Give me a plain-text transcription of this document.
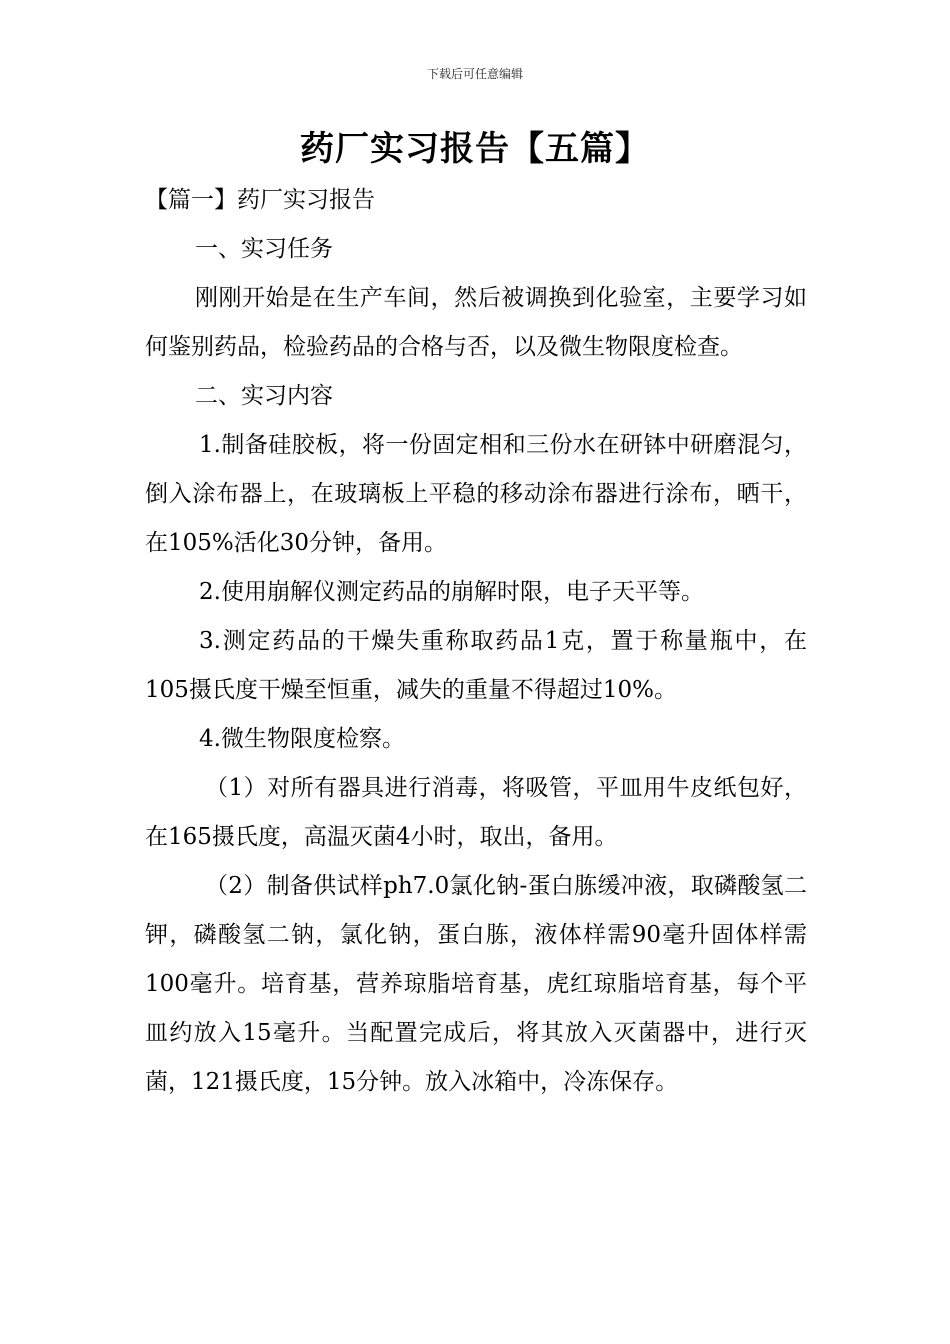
下载后可任意编辑
药厂实习报告【五篇】

【篇一】药厂实习报告

一、实习任务

刚刚开始是在生产车间，然后被调换到化验室，主要学习如何鉴别药品，检验药品的合格与否，以及微生物限度检查。

二、实习内容

1.制备硅胶板，将一份固定相和三份水在研钵中研磨混匀，倒入涂布器上，在玻璃板上平稳的移动涂布器进行涂布，晒干，在105%活化30分钟，备用。

2.使用崩解仪测定药品的崩解时限，电子天平等。

3.测定药品的干燥失重称取药品1克，置于称量瓶中，在105摄氏度干燥至恒重，减失的重量不得超过10%。

4.微生物限度检察。

（1）对所有器具进行消毒，将吸管，平皿用牛皮纸包好，在165摄氏度，高温灭菌4小时，取出，备用。

（2）制备供试样ph7.0氯化钠-蛋白胨缓冲液，取磷酸氢二钾，磷酸氢二钠，氯化钠，蛋白胨，液体样需90毫升固体样需100毫升。培育基，营养琼脂培育基，虎红琼脂培育基，每个平皿约放入15毫升。当配置完成后，将其放入灭菌器中，进行灭菌，121摄氏度，15分钟。放入冰箱中，冷冻保存。
